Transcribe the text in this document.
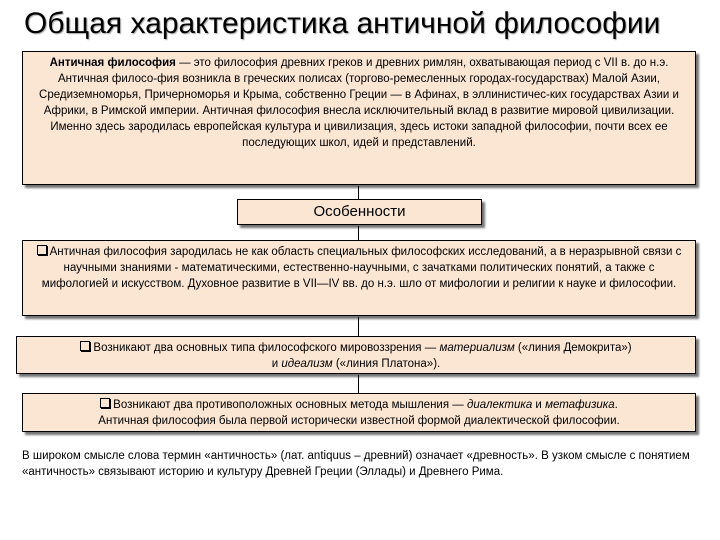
Общая характеристика античной философии
Античная философия — это философия древних греков и древних римлян, охватывающая период с VII в. до н.э. Античная филосо-фия возникла в греческих полисах (торгово-ремесленных городах-государствах) Малой Азии, Средиземноморья, Причерноморья и Крыма, собственно Греции — в Афинах, в эллинистичес-ких государствах Азии и Африки, в Римской империи. Античная философия внесла исключительный вклад в развитие мировой цивилизации. Именно здесь зародилась европейская культура и цивилизация, здесь истоки западной философии, почти всех ее последующих школ, идей и представлений.
Особенности
Античная философия зародилась не как область специальных философских исследований, а в неразрывной связи с научными знаниями - математическими, естественно-научными, с зачатками политических понятий, а также с мифологией и искусством. Духовное развитие в VII—IV вв. до н.э. шло от мифологии и религии к науке и философии.
Возникают два основных типа философского мировоззрения — материализм («линия Демокрита»)
и идеализм («линия Платона»).
Возникают два противоположных основных метода мышления — диалектика и метафизика.
Античная философия была первой исторически известной формой диалектической философии.
В широком смысле слова термин «античность» (лат. antiquus – древний) означает «древность». В узком смысле с понятием «античность» связывают историю и культуру Древней Греции (Эллады) и Древнего Рима.
